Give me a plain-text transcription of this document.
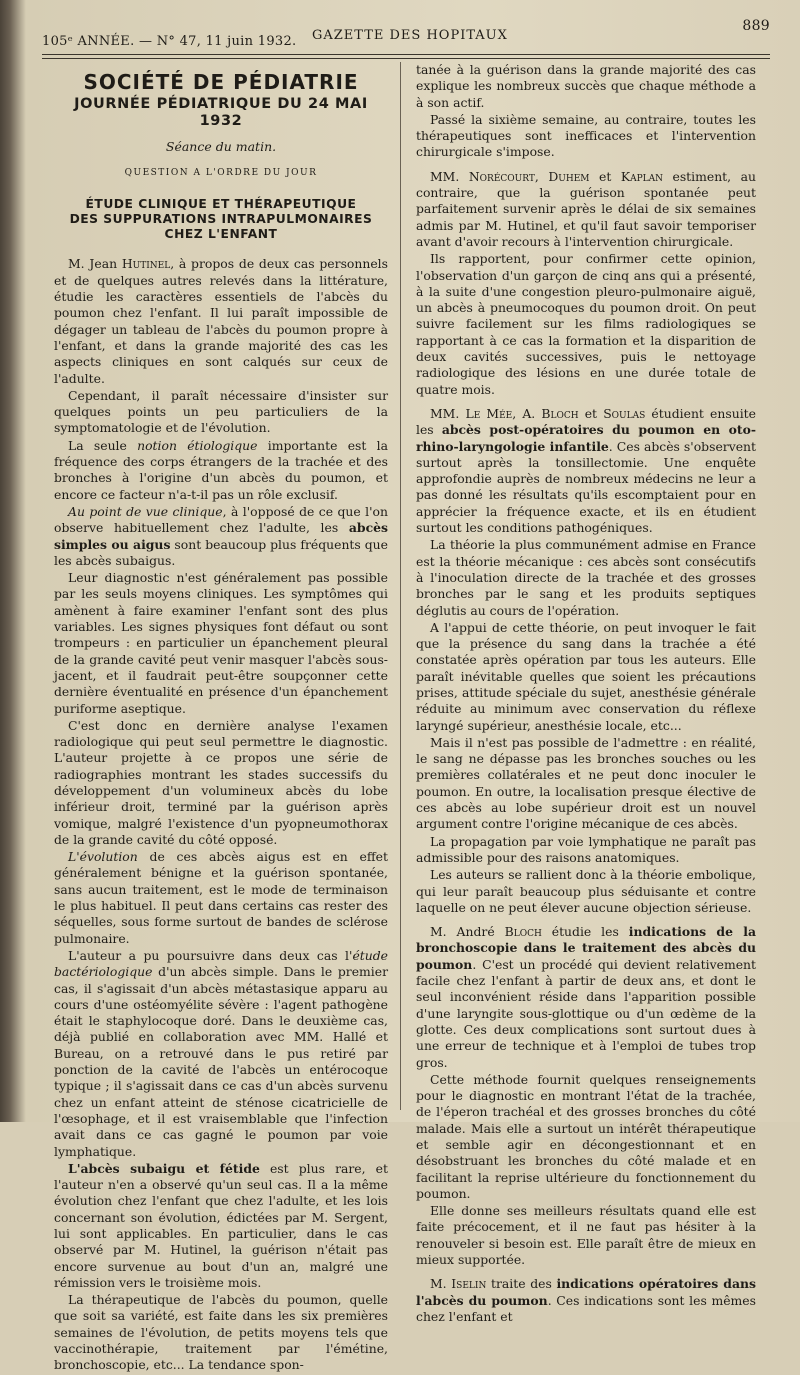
105ᵉ ANNÉE. — N° 47, 11 juin 1932. GAZETTE DES HOPITAUX
889
SOCIÉTÉ DE PÉDIATRIE
JOURNÉE PÉDIATRIQUE DU 24 MAI 1932
Séance du matin.
QUESTION A L'ORDRE DU JOUR
ÉTUDE CLINIQUE ET THÉRAPEUTIQUE
DES SUPPURATIONS INTRAPULMONAIRES
CHEZ L'ENFANT

M. Jean Hutinel, à propos de deux cas personnels et de quelques autres relevés dans la littérature, étudie les caractères essentiels de l'abcès du poumon chez l'enfant. Il lui paraît impossible de dégager un tableau de l'abcès du poumon propre à l'enfant, et dans la grande majorité des cas les aspects cliniques en sont calqués sur ceux de l'adulte.

Cependant, il paraît nécessaire d'insister sur quelques points un peu particuliers de la symptomatologie et de l'évolution.

La seule notion étiologique importante est la fréquence des corps étrangers de la trachée et des bronches à l'origine d'un abcès du poumon, et encore ce facteur n'a-t-il pas un rôle exclusif.

Au point de vue clinique, à l'opposé de ce que l'on observe habituellement chez l'adulte, les abcès simples ou aigus sont beaucoup plus fréquents que les abcès subaigus.

Leur diagnostic n'est généralement pas possible par les seuls moyens cliniques. Les symptômes qui amènent à faire examiner l'enfant sont des plus variables. Les signes physiques font défaut ou sont trompeurs : en particulier un épanchement pleural de la grande cavité peut venir masquer l'abcès sous-jacent, et il faudrait peut-être soupçonner cette dernière éventualité en présence d'un épanchement puriforme aseptique.

C'est donc en dernière analyse l'examen radiologique qui peut seul permettre le diagnostic. L'auteur projette à ce propos une série de radiographies montrant les stades successifs du développement d'un volumineux abcès du lobe inférieur droit, terminé par la guérison après vomique, malgré l'existence d'un pyopneumothorax de la grande cavité du côté opposé.

L'évolution de ces abcès aigus est en effet généralement bénigne et la guérison spontanée, sans aucun traitement, est le mode de terminaison le plus habituel. Il peut dans certains cas rester des séquelles, sous forme surtout de bandes de sclérose pulmonaire.

L'auteur a pu poursuivre dans deux cas l'étude bactériologique d'un abcès simple. Dans le premier cas, il s'agissait d'un abcès métastasique apparu au cours d'une ostéomyélite sévère : l'agent pathogène était le staphylocoque doré. Dans le deuxième cas, déjà publié en collaboration avec MM. Hallé et Bureau, on a retrouvé dans le pus retiré par ponction de la cavité de l'abcès un entérocoque typique ; il s'agissait dans ce cas d'un abcès survenu chez un enfant atteint de sténose cicatricielle de l'œsophage, et il est vraisemblable que l'infection avait dans ce cas gagné le poumon par voie lymphatique.

L'abcès subaigu et fétide est plus rare, et l'auteur n'en a observé qu'un seul cas. Il a la même évolution chez l'enfant que chez l'adulte, et les lois concernant son évolution, édictées par M. Sergent, lui sont applicables. En particulier, dans le cas observé par M. Hutinel, la guérison n'était pas encore survenue au bout d'un an, malgré une rémission vers le troisième mois.

La thérapeutique de l'abcès du poumon, quelle que soit sa variété, est faite dans les six premières semaines de l'évolution, de petits moyens tels que vaccinothérapie, traitement par l'émétine, bronchoscopie, etc... La tendance spon-

tanée à la guérison dans la grande majorité des cas explique les nombreux succès que chaque méthode a à son actif.

Passé la sixième semaine, au contraire, toutes les thérapeutiques sont inefficaces et l'intervention chirurgicale s'impose.

MM. Norécourt, Duhem et Kaplan estiment, au contraire, que la guérison spontanée peut parfaitement survenir après le délai de six semaines admis par M. Hutinel, et qu'il faut savoir temporiser avant d'avoir recours à l'intervention chirurgicale.

Ils rapportent, pour confirmer cette opinion, l'observation d'un garçon de cinq ans qui a présenté, à la suite d'une congestion pleuro-pulmonaire aiguë, un abcès à pneumocoques du poumon droit. On peut suivre facilement sur les films radiologiques se rapportant à ce cas la formation et la disparition de deux cavités successives, puis le nettoyage radiologique des lésions en une durée totale de quatre mois.

MM. Le Mée, A. Bloch et Soulas étudient ensuite les abcès post-opératoires du poumon en oto-rhino-laryngologie infantile. Ces abcès s'observent surtout après la tonsillectomie. Une enquête approfondie auprès de nombreux médecins ne leur a pas donné les résultats qu'ils escomptaient pour en apprécier la fréquence exacte, et ils en étudient surtout les conditions pathogéniques.

La théorie la plus communément admise en France est la théorie mécanique : ces abcès sont consécutifs à l'inoculation directe de la trachée et des grosses bronches par le sang et les produits septiques déglutis au cours de l'opération.

A l'appui de cette théorie, on peut invoquer le fait que la présence du sang dans la trachée a été constatée après opération par tous les auteurs. Elle paraît inévitable quelles que soient les précautions prises, attitude spéciale du sujet, anesthésie générale réduite au minimum avec conservation du réflexe laryngé supérieur, anesthésie locale, etc...

Mais il n'est pas possible de l'admettre : en réalité, le sang ne dépasse pas les bronches souches ou les premières collatérales et ne peut donc inoculer le poumon. En outre, la localisation presque élective de ces abcès au lobe supérieur droit est un nouvel argument contre l'origine mécanique de ces abcès.

La propagation par voie lymphatique ne paraît pas admissible pour des raisons anatomiques.

Les auteurs se rallient donc à la théorie embolique, qui leur paraît beaucoup plus séduisante et contre laquelle on ne peut élever aucune objection sérieuse.

M. André Bloch étudie les indications de la bronchoscopie dans le traitement des abcès du poumon. C'est un procédé qui devient relativement facile chez l'enfant à partir de deux ans, et dont le seul inconvénient réside dans l'apparition possible d'une laryngite sous-glottique ou d'un œdème de la glotte. Ces deux complications sont surtout dues à une erreur de technique et à l'emploi de tubes trop gros.

Cette méthode fournit quelques renseignements pour le diagnostic en montrant l'état de la trachée, de l'éperon trachéal et des grosses bronches du côté malade. Mais elle a surtout un intérêt thérapeutique et semble agir en décongestionnant et en désobstruant les bronches du côté malade et en facilitant la reprise ultérieure du fonctionnement du poumon.

Elle donne ses meilleurs résultats quand elle est faite précocement, et il ne faut pas hésiter à la renouveler si besoin est. Elle paraît être de mieux en mieux supportée.

M. Iselin traite des indications opératoires dans l'abcès du poumon. Ces indications sont les mêmes chez l'enfant et
